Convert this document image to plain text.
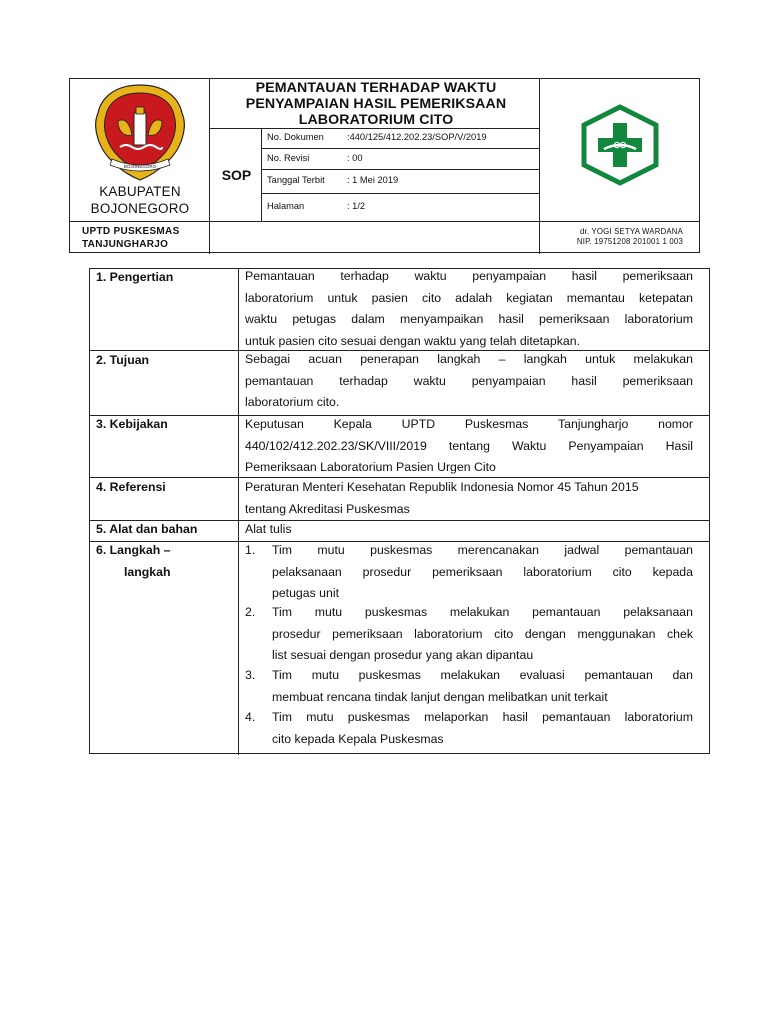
BOJONEGORO
KABUPATEN
BOJONEGORO
PEMANTAUAN TERHADAP WAKTU
PENYAMPAIAN HASIL PEMERIKSAAN
LABORATORIUM CITO
SOP
No. Dokumen :440/125/412.202.23/SOP/V/2019
No. Revisi	: 00
Tanggal Terbit : 1 Mei 2019
Halaman	: 1/2
UPTD PUSKESMAS
TANJUNGHARJO
dr. YOGI SETYA WARDANA
NIP. 19751208 201001 1 003
1. Pengertian	Pemantauan terhadap waktu penyampaian hasil pemeriksaan
laboratorium untuk pasien cito adalah kegiatan memantau ketepatan
waktu petugas dalam menyampaikan hasil pemeriksaan laboratorium
untuk pasien cito sesuai dengan waktu yang telah ditetapkan.
2. Tujuan	Sebagai acuan penerapan langkah – langkah untuk melakukan
pemantauan terhadap waktu penyampaian hasil pemeriksaan
laboratorium cito.
3. Kebijakan	Keputusan Kepala UPTD Puskesmas Tanjungharjo nomor
440/102/412.202.23/SK/VIII/2019 tentang Waktu Penyampaian Hasil
Pemeriksaan Laboratorium Pasien Urgen Cito
4. Referensi	Peraturan Menteri Kesehatan Republik Indonesia Nomor 45 Tahun 2015
tentang Akreditasi Puskesmas
5. Alat dan bahan	Alat tulis
6. Langkah –
langkah
1.	Tim mutu puskesmas merencanakan jadwal pemantauan
pelaksanaan prosedur pemeriksaan laboratorium cito kepada
petugas unit
2.	Tim mutu puskesmas melakukan pemantauan pelaksanaan
prosedur pemeriksaan laboratorium cito dengan menggunakan chek
list sesuai dengan prosedur yang akan dipantau
3.	Tim mutu puskesmas melakukan evaluasi pemantauan dan
membuat rencana tindak lanjut dengan melibatkan unit terkait
4.	Tim mutu puskesmas melaporkan hasil pemantauan laboratorium
cito kepada Kepala Puskesmas
